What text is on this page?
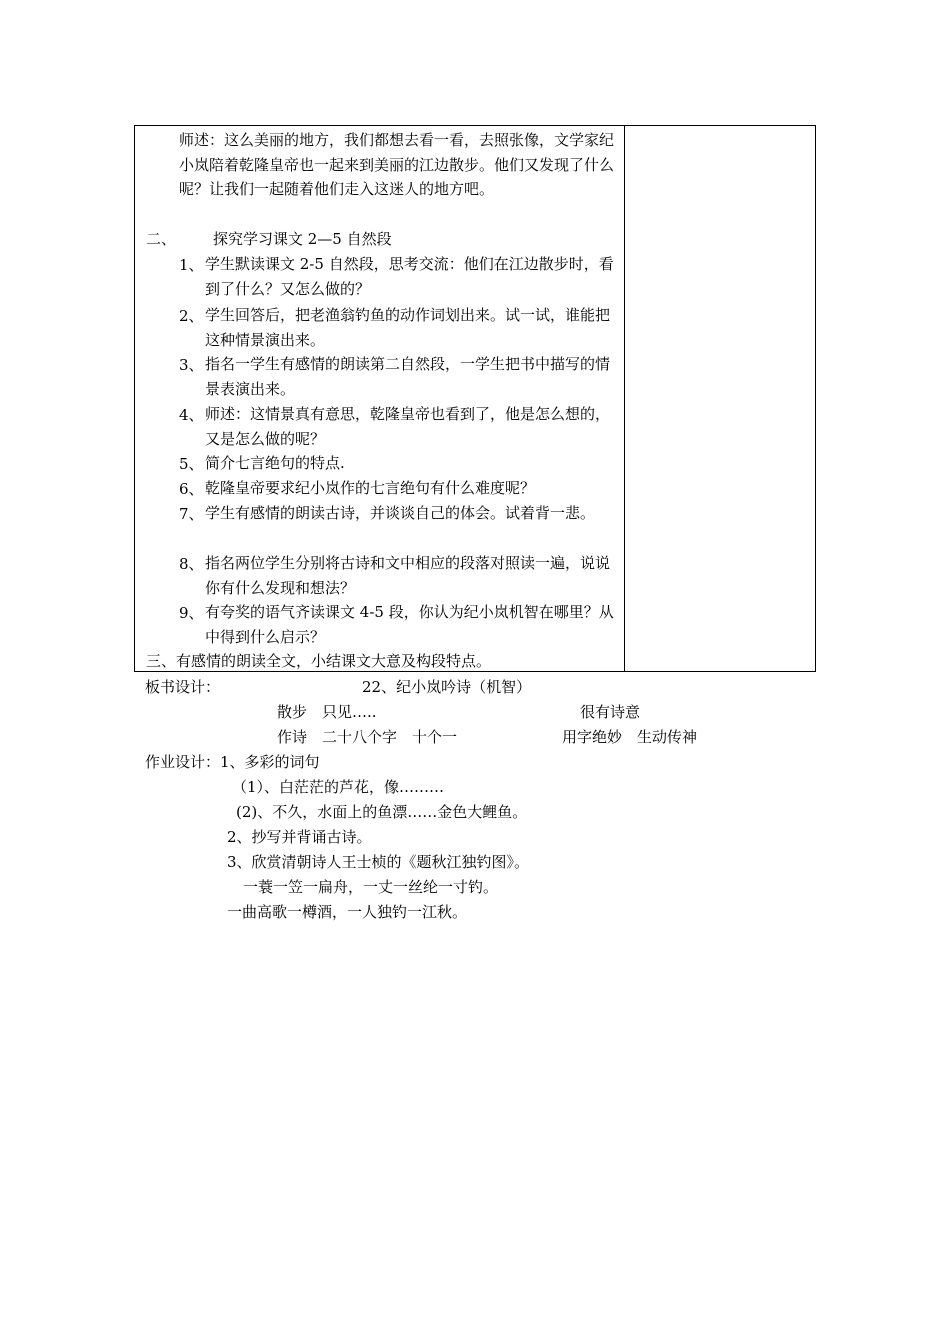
师述：这么美丽的地方，我们都想去看一看，去照张像，文学家纪小岚陪着乾隆皇帝也一起来到美丽的江边散步。他们又发现了什么呢？让我们一起随着他们走入这迷人的地方吧。
二、 探究学习课文 2—5 自然段
1、 学生默读课文 2-5 自然段，思考交流：他们在江边散步时，看到了什么？又怎么做的？
2、 学生回答后，把老渔翁钓鱼的动作词划出来。试一试，谁能把这种情景演出来。
3、 指名一学生有感情的朗读第二自然段，一学生把书中描写的情景表演出来。
4、 师述：这情景真有意思，乾隆皇帝也看到了，他是怎么想的，又是怎么做的呢？
5、 简介七言绝句的特点.
6、 乾隆皇帝要求纪小岚作的七言绝句有什么难度呢？
7、 学生有感情的朗读古诗，并谈谈自己的体会。试着背一悲。
8、 指名两位学生分别将古诗和文中相应的段落对照读一遍，说说你有什么发现和想法？
9、 有夸奖的语气齐读课文 4-5 段，你认为纪小岚机智在哪里？从中得到什么启示？
三、有感情的朗读全文，小结课文大意及构段特点。
板书设计：	22、纪小岚吟诗（机智）
散步　只见…..	很有诗意
作诗　二十八个字　十个一	用字绝妙　生动传神
作业设计：1、多彩的词句
（1）、白茫茫的芦花，像………
(2)、不久，水面上的鱼漂……金色大鲤鱼。
2、抄写并背诵古诗。
3、欣赏清朝诗人王士桢的《题秋江独钓图》。
一蓑一笠一扁舟，一丈一丝纶一寸钓。
一曲高歌一樽酒，一人独钓一江秋。
